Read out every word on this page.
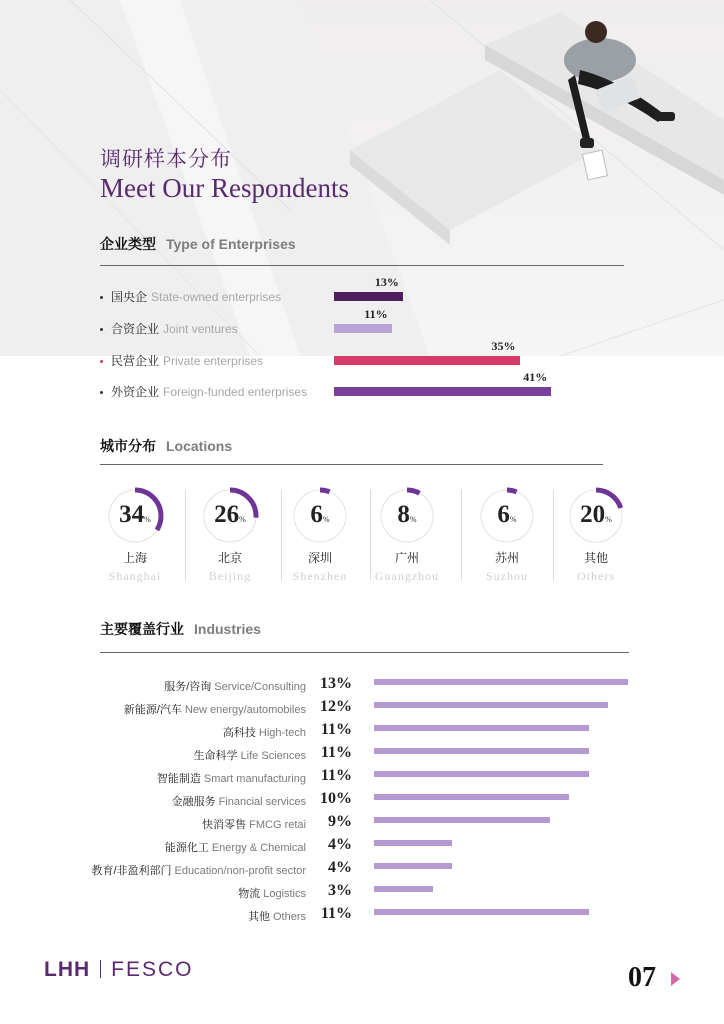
调研样本分布
Meet Our Respondents
企业类型 Type of Enterprises
国央企 State-owned enterprises
13%
合资企业 Joint ventures
11%
民营企业 Private enterprises
35%
外资企业 Foreign-funded enterprises
41%
城市分布 Locations
34%
上海
Shanghai
26%
北京
Beijing
6%
深圳
Shenzhen
8%
广州
Guangzhou
6%
苏州
Suzhou
20%
其他
Others
主要覆盖行业 Industries
服务/咨询 Service/Consulting 13%
新能源/汽车 New energy/automobiles 12%
高科技 High-tech 11%
生命科学 Life Sciences 11%
智能制造 Smart manufacturing 11%
金融服务 Financial services 10%
快消零售 FMCG retai	9%
能源化工 Energy & Chemical	4%
教育/非盈利部门 Education/non-profit sector	4%
物流 Logistics	3%
其他 Others 11%
LHH FESCO	07
